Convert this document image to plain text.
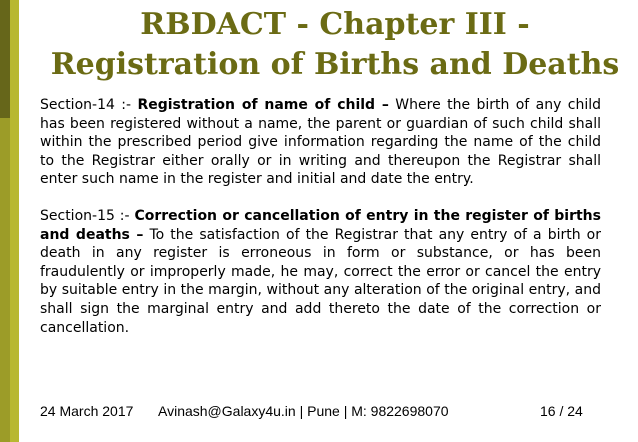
RBDACT - Chapter III -
Registration of Births and Deaths

Section-14 :- Registration of name of child – Where the birth of any child has been registered without a name, the parent or guardian of such child shall within the prescribed period give information regarding the name of the child to the Registrar either orally or in writing and thereupon the Registrar shall enter such name in the register and initial and date the entry.

Section-15 :- Correction or cancellation of entry in the register of births and deaths – To the satisfaction of the Registrar that any entry of a birth or death in any register is erroneous in form or substance, or has been fraudulently or improperly made, he may, correct the error or cancel the entry by suitable entry in the margin, without any alteration of the original entry, and shall sign the marginal entry and add thereto the date of the correction or cancellation.

24 March 2017 Avinash@Galaxy4u.in | Pune | M: 9822698070	16 / 24
